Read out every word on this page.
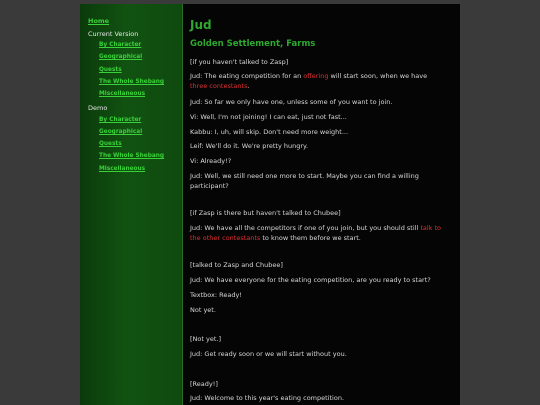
Home
Current Version
By Character
Geographical
Quests
The Whole Shebang
Miscellaneous
Demo
By Character
Geographical
Quests
The Whole Shebang
Miscellaneous
Jud
Golden Settlement, Farms
[if you haven't talked to Zasp]
Jud: The eating competition for an offering will start soon, when we have
three contestants.
Jud: So far we only have one, unless some of you want to join.
Vi: Well, I'm not joining! I can eat, just not fast...
Kabbu: I, uh, will skip. Don't need more weight...
Leif: We'll do it. We're pretty hungry.
Vi: Already!?
Jud: Well, we still need one more to start. Maybe you can find a willing participant?
[if Zasp is there but haven't talked to Chubee]
Jud: We have all the competitors if one of you join, but you should still talk to the other contestants to know them before we start.
[talked to Zasp and Chubee]
Jud: We have everyone for the eating competition, are you ready to start?
Textbox: Ready!
Not yet.
[Not yet.]
Jud: Get ready soon or we will start without you.
[Ready!]
Jud: Welcome to this year's eating competition.
